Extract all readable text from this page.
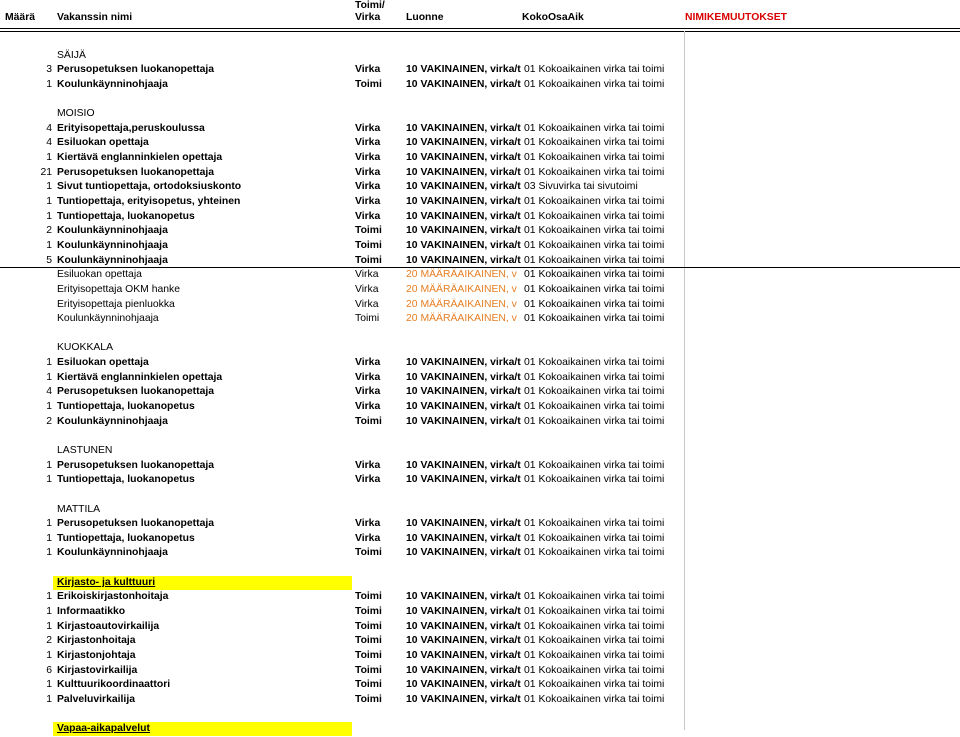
Toimi/
Määrä Vakanssin nimi	Virka Luonne	KokoOsaAik	NIMIKEMUUTOKSET
SÄIJÄ
3 Perusopetuksen luokanopettaja	Virka 10 VAKINAINEN, virka/t 01 Kokoaikainen virka tai toimi
1 Koulunkäynninohjaaja	Toimi 10 VAKINAINEN, virka/t 01 Kokoaikainen virka tai toimi
MOISIO
4 Erityisopettaja,peruskoulussa	Virka 10 VAKINAINEN, virka/t 01 Kokoaikainen virka tai toimi
4 Esiluokan opettaja	Virka 10 VAKINAINEN, virka/t 01 Kokoaikainen virka tai toimi
1 Kiertävä englanninkielen opettaja	Virka 10 VAKINAINEN, virka/t 01 Kokoaikainen virka tai toimi
21 Perusopetuksen luokanopettaja	Virka 10 VAKINAINEN, virka/t 01 Kokoaikainen virka tai toimi
1 Sivut tuntiopettaja, ortodoksiuskonto	Virka 10 VAKINAINEN, virka/t 03 Sivuvirka tai sivutoimi
1 Tuntiopettaja, erityisopetus, yhteinen	Virka 10 VAKINAINEN, virka/t 01 Kokoaikainen virka tai toimi
1 Tuntiopettaja, luokanopetus	Virka 10 VAKINAINEN, virka/t 01 Kokoaikainen virka tai toimi
2 Koulunkäynninohjaaja	Toimi 10 VAKINAINEN, virka/t 01 Kokoaikainen virka tai toimi
1 Koulunkäynninohjaaja	Toimi 10 VAKINAINEN, virka/t 01 Kokoaikainen virka tai toimi
5 Koulunkäynninohjaaja	Toimi 10 VAKINAINEN, virka/t 01 Kokoaikainen virka tai toimi
Esiluokan opettaja	Virka	20 MÄÄRÄAIKAINEN, v 01 Kokoaikainen virka tai toimi
Erityisopettaja OKM hanke	Virka	20 MÄÄRÄAIKAINEN, v 01 Kokoaikainen virka tai toimi
Erityisopettaja pienluokka	Virka	20 MÄÄRÄAIKAINEN, v 01 Kokoaikainen virka tai toimi
Koulunkäynninohjaaja	Toimi	20 MÄÄRÄAIKAINEN, v 01 Kokoaikainen virka tai toimi
KUOKKALA
1 Esiluokan opettaja	Virka 10 VAKINAINEN, virka/t 01 Kokoaikainen virka tai toimi
1 Kiertävä englanninkielen opettaja	Virka 10 VAKINAINEN, virka/t 01 Kokoaikainen virka tai toimi
4 Perusopetuksen luokanopettaja	Virka 10 VAKINAINEN, virka/t 01 Kokoaikainen virka tai toimi
1 Tuntiopettaja, luokanopetus	Virka 10 VAKINAINEN, virka/t 01 Kokoaikainen virka tai toimi
2 Koulunkäynninohjaaja	Toimi 10 VAKINAINEN, virka/t 01 Kokoaikainen virka tai toimi
LASTUNEN
1 Perusopetuksen luokanopettaja	Virka 10 VAKINAINEN, virka/t 01 Kokoaikainen virka tai toimi
1 Tuntiopettaja, luokanopetus	Virka 10 VAKINAINEN, virka/t 01 Kokoaikainen virka tai toimi
MATTILA
1 Perusopetuksen luokanopettaja	Virka 10 VAKINAINEN, virka/t 01 Kokoaikainen virka tai toimi
1 Tuntiopettaja, luokanopetus	Virka 10 VAKINAINEN, virka/t 01 Kokoaikainen virka tai toimi
1 Koulunkäynninohjaaja	Toimi 10 VAKINAINEN, virka/t 01 Kokoaikainen virka tai toimi
Kirjasto- ja kulttuuri
1 Erikoiskirjastonhoitaja	Toimi 10 VAKINAINEN, virka/t 01 Kokoaikainen virka tai toimi
1 Informaatikko	Toimi 10 VAKINAINEN, virka/t 01 Kokoaikainen virka tai toimi
1 Kirjastoautovirkailija	Toimi 10 VAKINAINEN, virka/t 01 Kokoaikainen virka tai toimi
2 Kirjastonhoitaja	Toimi 10 VAKINAINEN, virka/t 01 Kokoaikainen virka tai toimi
1 Kirjastonjohtaja	Toimi 10 VAKINAINEN, virka/t 01 Kokoaikainen virka tai toimi
6 Kirjastovirkailija	Toimi 10 VAKINAINEN, virka/t 01 Kokoaikainen virka tai toimi
1 Kulttuurikoordinaattori	Toimi 10 VAKINAINEN, virka/t 01 Kokoaikainen virka tai toimi
1 Palveluvirkailija	Toimi 10 VAKINAINEN, virka/t 01 Kokoaikainen virka tai toimi
Vapaa-aikapalvelut
